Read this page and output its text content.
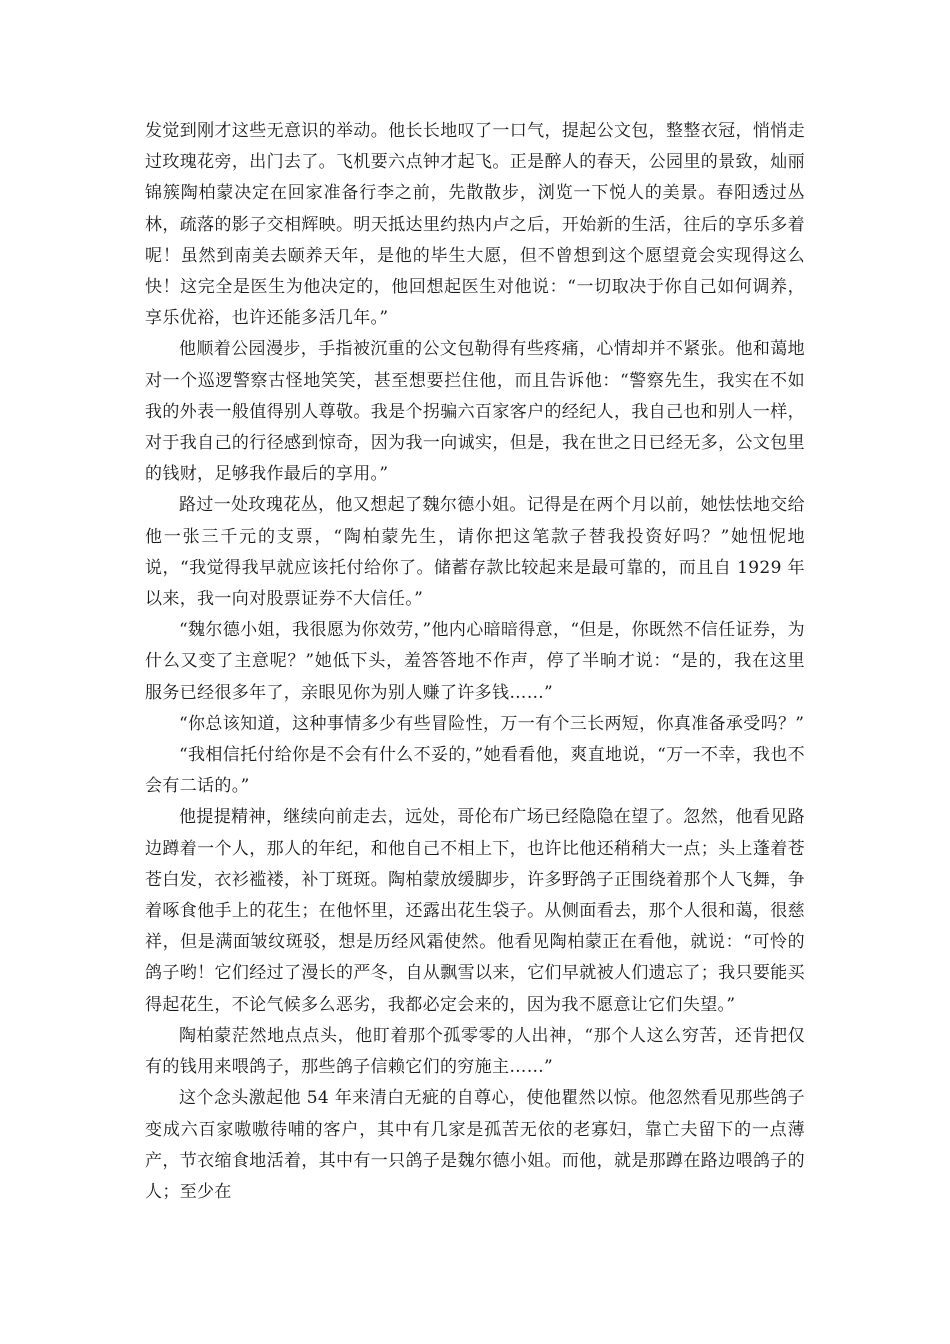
发觉到刚才这些无意识的举动。他长长地叹了一口气，提起公文包，整整衣冠，悄悄走过玫瑰花旁，出门去了。飞机要六点钟才起飞。正是醉人的春天，公园里的景致，灿丽锦簇陶柏蒙决定在回家准备行李之前，先散散步，浏览一下悦人的美景。春阳透过丛林，疏落的影子交相辉映。明天抵达里约热内卢之后，开始新的生活，往后的享乐多着呢！虽然到南美去颐养天年，是他的毕生大愿，但不曾想到这个愿望竟会实现得这么快！这完全是医生为他决定的，他回想起医生对他说：“一切取决于你自己如何调养，享乐优裕，也许还能多活几年。”

他顺着公园漫步，手指被沉重的公文包勒得有些疼痛，心情却并不紧张。他和蔼地对一个巡逻警察古怪地笑笑，甚至想要拦住他，而且告诉他：“警察先生，我实在不如我的外表一般值得别人尊敬。我是个拐骗六百家客户的经纪人，我自己也和别人一样，对于我自己的行径感到惊奇，因为我一向诚实，但是，我在世之日已经无多，公文包里的钱财，足够我作最后的享用。”

路过一处玫瑰花丛，他又想起了魏尔德小姐。记得是在两个月以前，她怯怯地交给他一张三千元的支票，“陶柏蒙先生，请你把这笔款子替我投资好吗？”她忸怩地说，“我觉得我早就应该托付给你了。储蓄存款比较起来是最可靠的，而且自 1929 年以来，我一向对股票证券不大信任。”

“魏尔德小姐，我很愿为你效劳，”他内心暗暗得意，“但是，你既然不信任证券，为什么又变了主意呢？”她低下头，羞答答地不作声，停了半晌才说：“是的，我在这里服务已经很多年了，亲眼见你为别人赚了许多钱……”

“你总该知道，这种事情多少有些冒险性，万一有个三长两短，你真准备承受吗？”

“我相信托付给你是不会有什么不妥的，”她看看他，爽直地说，“万一不幸，我也不会有二话的。”

他提提精神，继续向前走去，远处，哥伦布广场已经隐隐在望了。忽然，他看见路边蹲着一个人，那人的年纪，和他自己不相上下，也许比他还稍稍大一点；头上蓬着苍苍白发，衣衫褴褛，补丁斑斑。陶柏蒙放缓脚步，许多野鸽子正围绕着那个人飞舞，争着啄食他手上的花生；在他怀里，还露出花生袋子。从侧面看去，那个人很和蔼，很慈祥，但是满面皱纹斑驳，想是历经风霜使然。他看见陶柏蒙正在看他，就说：“可怜的鸽子哟！它们经过了漫长的严冬，自从飘雪以来，它们早就被人们遗忘了；我只要能买得起花生，不论气候多么恶劣，我都必定会来的，因为我不愿意让它们失望。”

陶柏蒙茫然地点点头，他盯着那个孤零零的人出神，“那个人这么穷苦，还肯把仅有的钱用来喂鸽子，那些鸽子信赖它们的穷施主……”

这个念头激起他 54 年来清白无疵的自尊心，使他瞿然以惊。他忽然看见那些鸽子变成六百家嗷嗷待哺的客户，其中有几家是孤苦无依的老寡妇，靠亡夫留下的一点薄产，节衣缩食地活着，其中有一只鸽子是魏尔德小姐。而他，就是那蹲在路边喂鸽子的人；至少在
